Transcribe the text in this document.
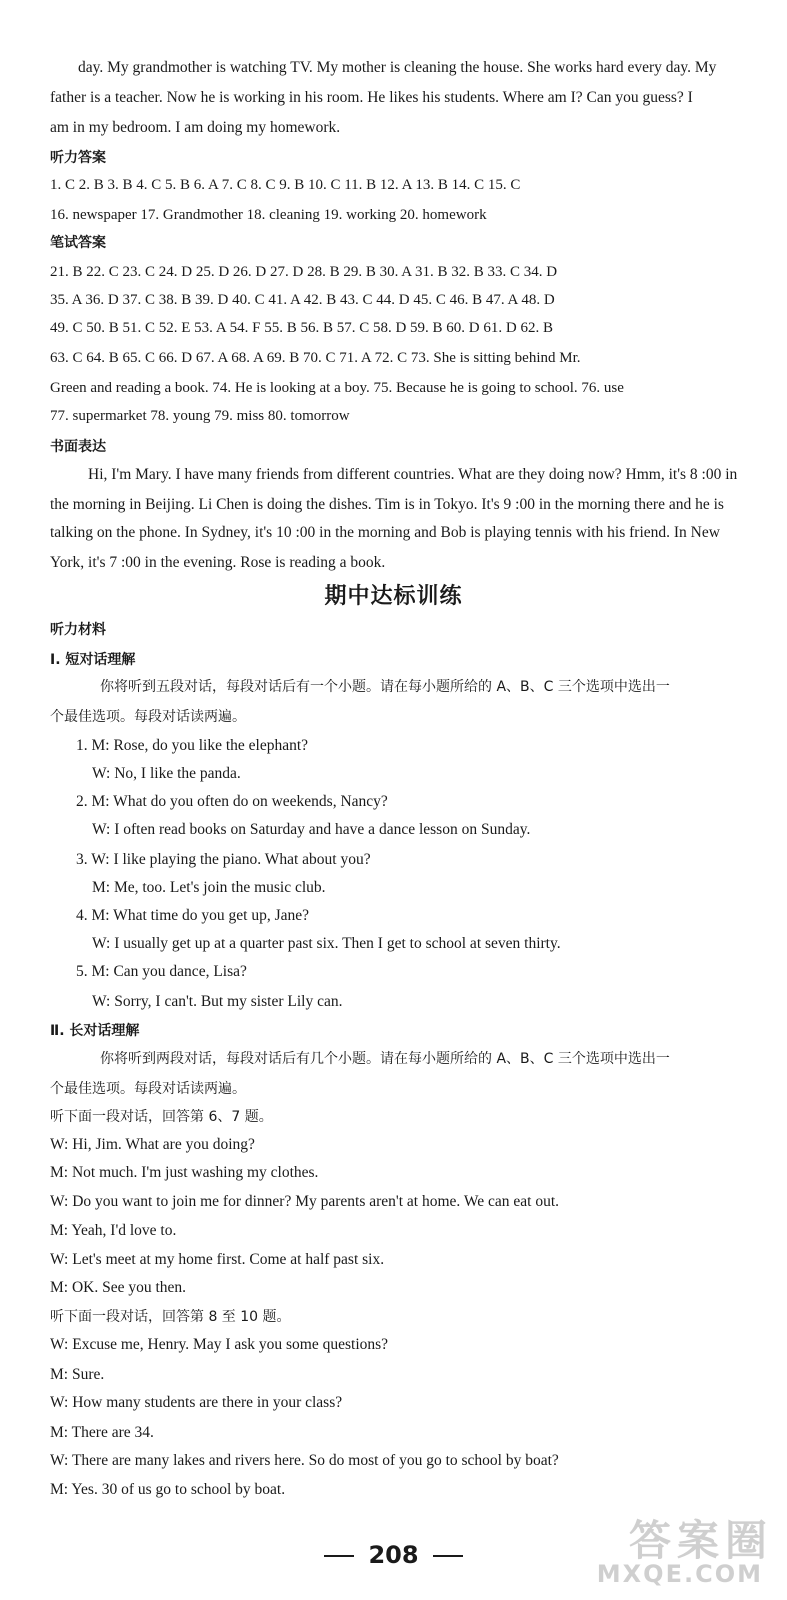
day. My grandmother is watching TV. My mother is cleaning the house. She works hard every day. My
father is a teacher. Now he is working in his room. He likes his students. Where am I? Can you guess? I
am in my bedroom. I am doing my homework.
听力答案
1. C 2. B 3. B 4. C 5. B 6. A 7. C 8. C 9. B 10. C 11. B 12. A 13. B 14. C 15. C
16. newspaper 17. Grandmother 18. cleaning 19. working 20. homework
笔试答案
21. B 22. C 23. C 24. D 25. D 26. D 27. D 28. B 29. B 30. A 31. B 32. B 33. C 34. D
35. A 36. D 37. C 38. B 39. D 40. C 41. A 42. B 43. C 44. D 45. C 46. B 47. A 48. D
49. C 50. B 51. C 52. E 53. A 54. F 55. B 56. B 57. C 58. D 59. B 60. D 61. D 62. B
63. C 64. B 65. C 66. D 67. A 68. A 69. B 70. C 71. A 72. C 73. She is sitting behind Mr.
Green and reading a book. 74. He is looking at a boy. 75. Because he is going to school. 76. use
77. supermarket 78. young 79. miss 80. tomorrow
书面表达
Hi, I'm Mary. I have many friends from different countries. What are they doing now? Hmm, it's 8 :00 in
the morning in Beijing. Li Chen is doing the dishes. Tim is in Tokyo. It's 9 :00 in the morning there and he is
talking on the phone. In Sydney, it's 10 :00 in the morning and Bob is playing tennis with his friend. In New
York, it's 7 :00 in the evening. Rose is reading a book.
期中达标训练
听力材料
Ⅰ. 短对话理解
你将听到五段对话，每段对话后有一个小题。请在每小题所给的 A、B、C 三个选项中选出一
个最佳选项。每段对话读两遍。
1. M: Rose, do you like the elephant?
W: No, I like the panda.
2. M: What do you often do on weekends, Nancy?
W: I often read books on Saturday and have a dance lesson on Sunday.
3. W: I like playing the piano. What about you?
M: Me, too. Let's join the music club.
4. M: What time do you get up, Jane?
W: I usually get up at a quarter past six. Then I get to school at seven thirty.
5. M: Can you dance, Lisa?
W: Sorry, I can't. But my sister Lily can.
Ⅱ. 长对话理解
你将听到两段对话，每段对话后有几个小题。请在每小题所给的 A、B、C 三个选项中选出一
个最佳选项。每段对话读两遍。
听下面一段对话，回答第 6、7 题。
W: Hi, Jim. What are you doing?
M: Not much. I'm just washing my clothes.
W: Do you want to join me for dinner? My parents aren't at home. We can eat out.
M: Yeah, I'd love to.
W: Let's meet at my home first. Come at half past six.
M: OK. See you then.
听下面一段对话，回答第 8 至 10 题。
W: Excuse me, Henry. May I ask you some questions?
M: Sure.
W: How many students are there in your class?
M: There are 34.
W: There are many lakes and rivers here. So do most of you go to school by boat?
M: Yes. 30 of us go to school by boat.
208	答案圈
MXQE.COM
